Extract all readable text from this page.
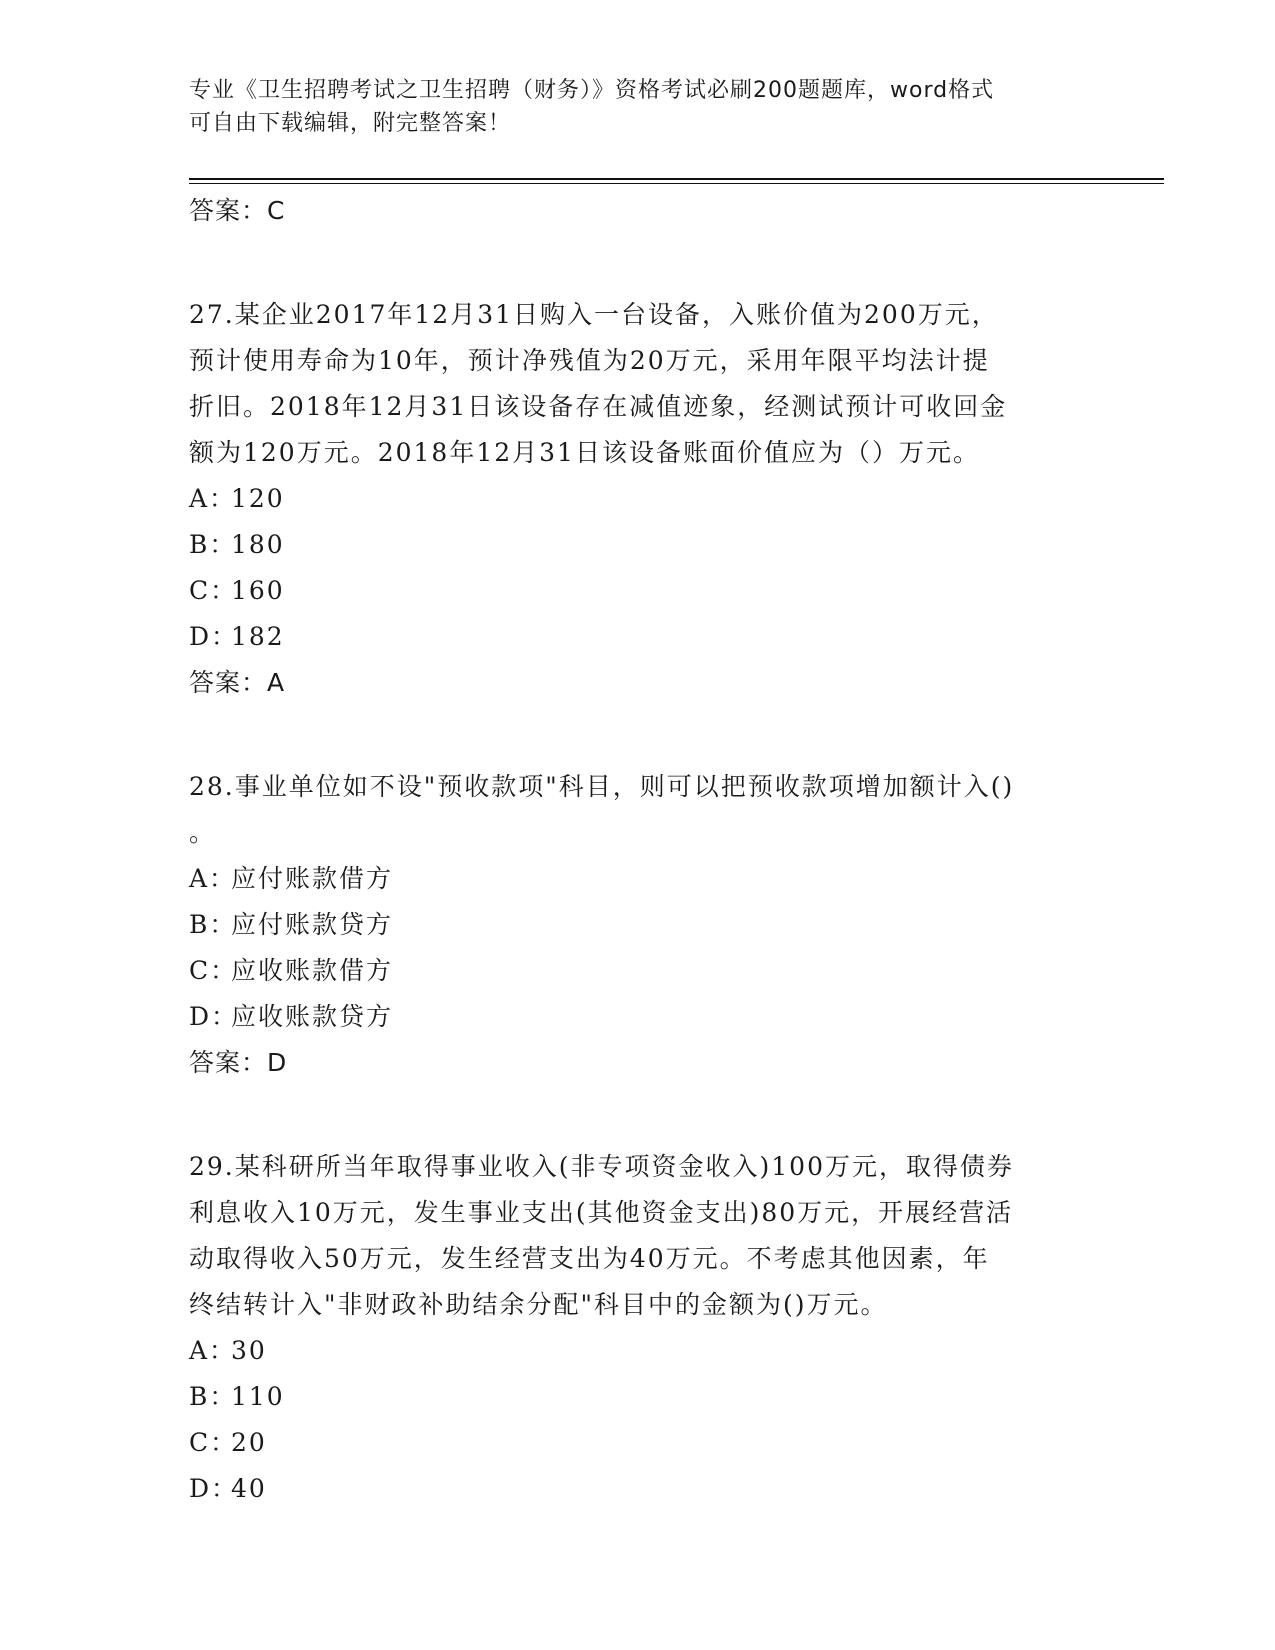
专业《卫生招聘考试之卫生招聘（财务）》资格考试必刷200题题库，word格式
可自由下载编辑，附完整答案！
答案：C
27.某企业2017年12月31日购入一台设备，入账价值为200万元，
预计使用寿命为10年，预计净残值为20万元，采用年限平均法计提
折旧。2018年12月31日该设备存在减值迹象，经测试预计可收回金
额为120万元。2018年12月31日该设备账面价值应为（）万元。
A：120
B：180
C：160
D：182
答案：A
28.事业单位如不设"预收款项"科目，则可以把预收款项增加额计入()
。
A：应付账款借方
B：应付账款贷方
C：应收账款借方
D：应收账款贷方
答案：D
29.某科研所当年取得事业收入(非专项资金收入)100万元，取得债券
利息收入10万元，发生事业支出(其他资金支出)80万元，开展经营活
动取得收入50万元，发生经营支出为40万元。不考虑其他因素，年
终结转计入"非财政补助结余分配"科目中的金额为()万元。
A：30
B：110
C：20
D：40
